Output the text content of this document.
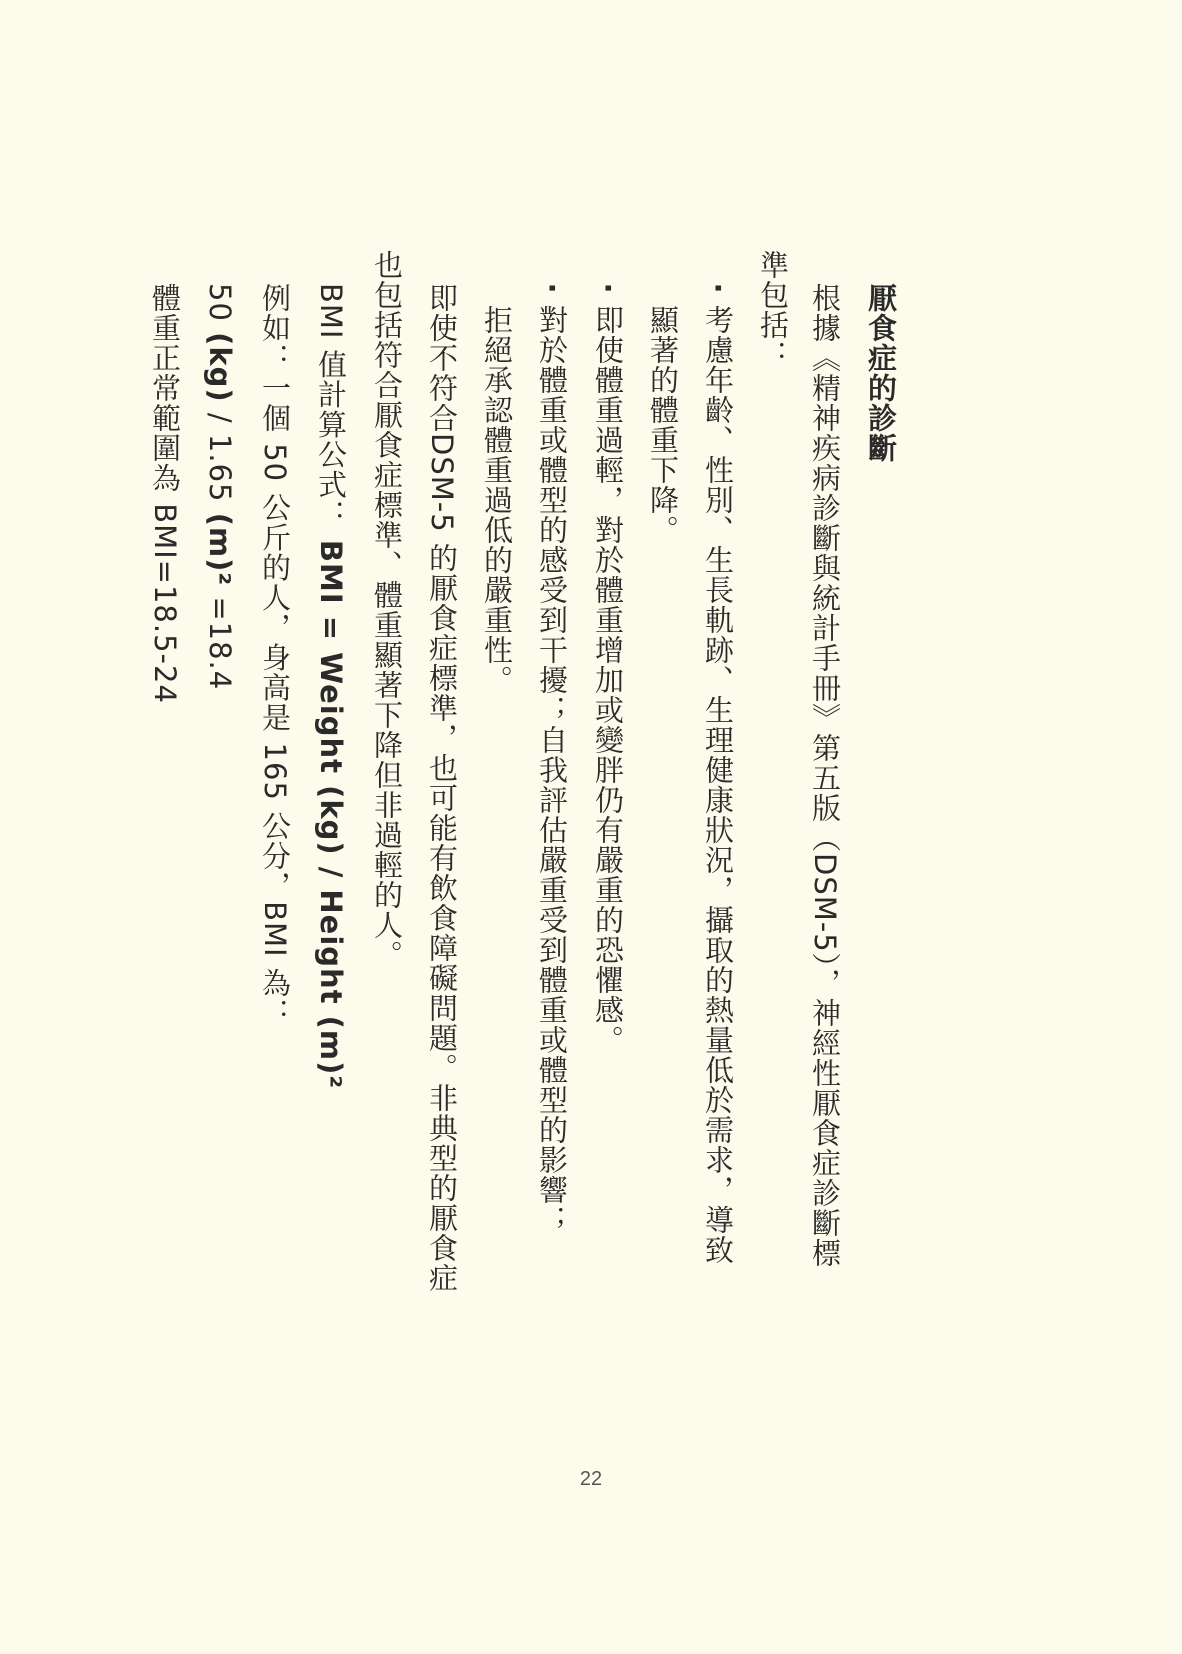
厭食症的診斷
根據《精神疾病診斷與統計手冊》第五版（DSM-5），神經性厭食症診斷標
準包括：
‧
考慮年齡、性別、生長軌跡、生理健康狀況，攝取的熱量低於需求，導致
顯著的體重下降。
‧
即使體重過輕，對於體重增加或變胖仍有嚴重的恐懼感。
‧
對於體重或體型的感受到干擾；自我評估嚴重受到體重或體型的影響；
拒絕承認體重過低的嚴重性。
即使不符合DSM-5 的厭食症標準，也可能有飲食障礙問題。非典型的厭食症
也包括符合厭食症標準、體重顯著下降但非過輕的人。
BMI 值計算公式： BMI = Weight (kg) / Height (m)²
例如：一個 50 公斤的人，身高是 165 公分，BMI 為：
50 (kg) / 1.65 (m)² =18.4
體重正常範圍為 BMI=18.5-24
22
